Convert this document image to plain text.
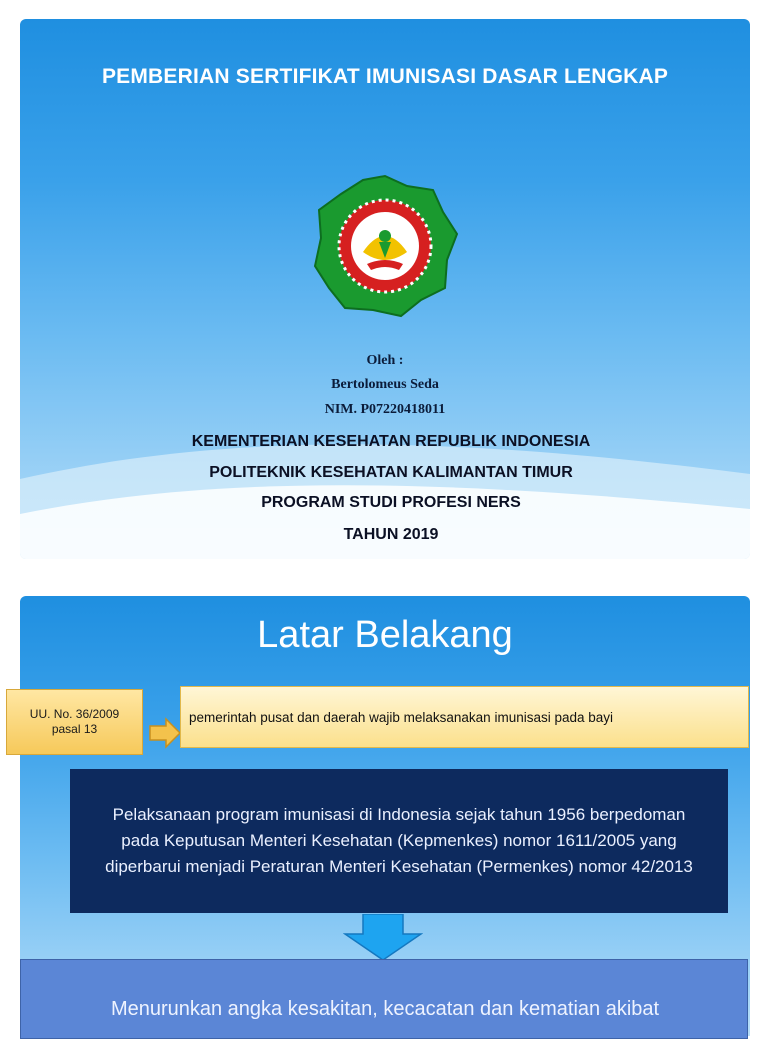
PEMBERIAN SERTIFIKAT IMUNISASI DASAR LENGKAP
Oleh :
Bertolomeus Seda
NIM. P07220418011
KEMENTERIAN KESEHATAN REPUBLIK INDONESIA
POLITEKNIK KESEHATAN KALIMANTAN TIMUR
PROGRAM STUDI PROFESI NERS
TAHUN 2019
Latar Belakang
UU. No. 36/2009
pasal 13
pemerintah pusat dan daerah wajib melaksanakan imunisasi pada bayi
Pelaksanaan program imunisasi di Indonesia sejak tahun 1956 berpedoman pada Keputusan Menteri Kesehatan (Kepmenkes) nomor 1611/2005 yang diperbarui menjadi Peraturan Menteri Kesehatan (Permenkes) nomor 42/2013
Menurunkan angka kesakitan, kecacatan dan kematian akibat
